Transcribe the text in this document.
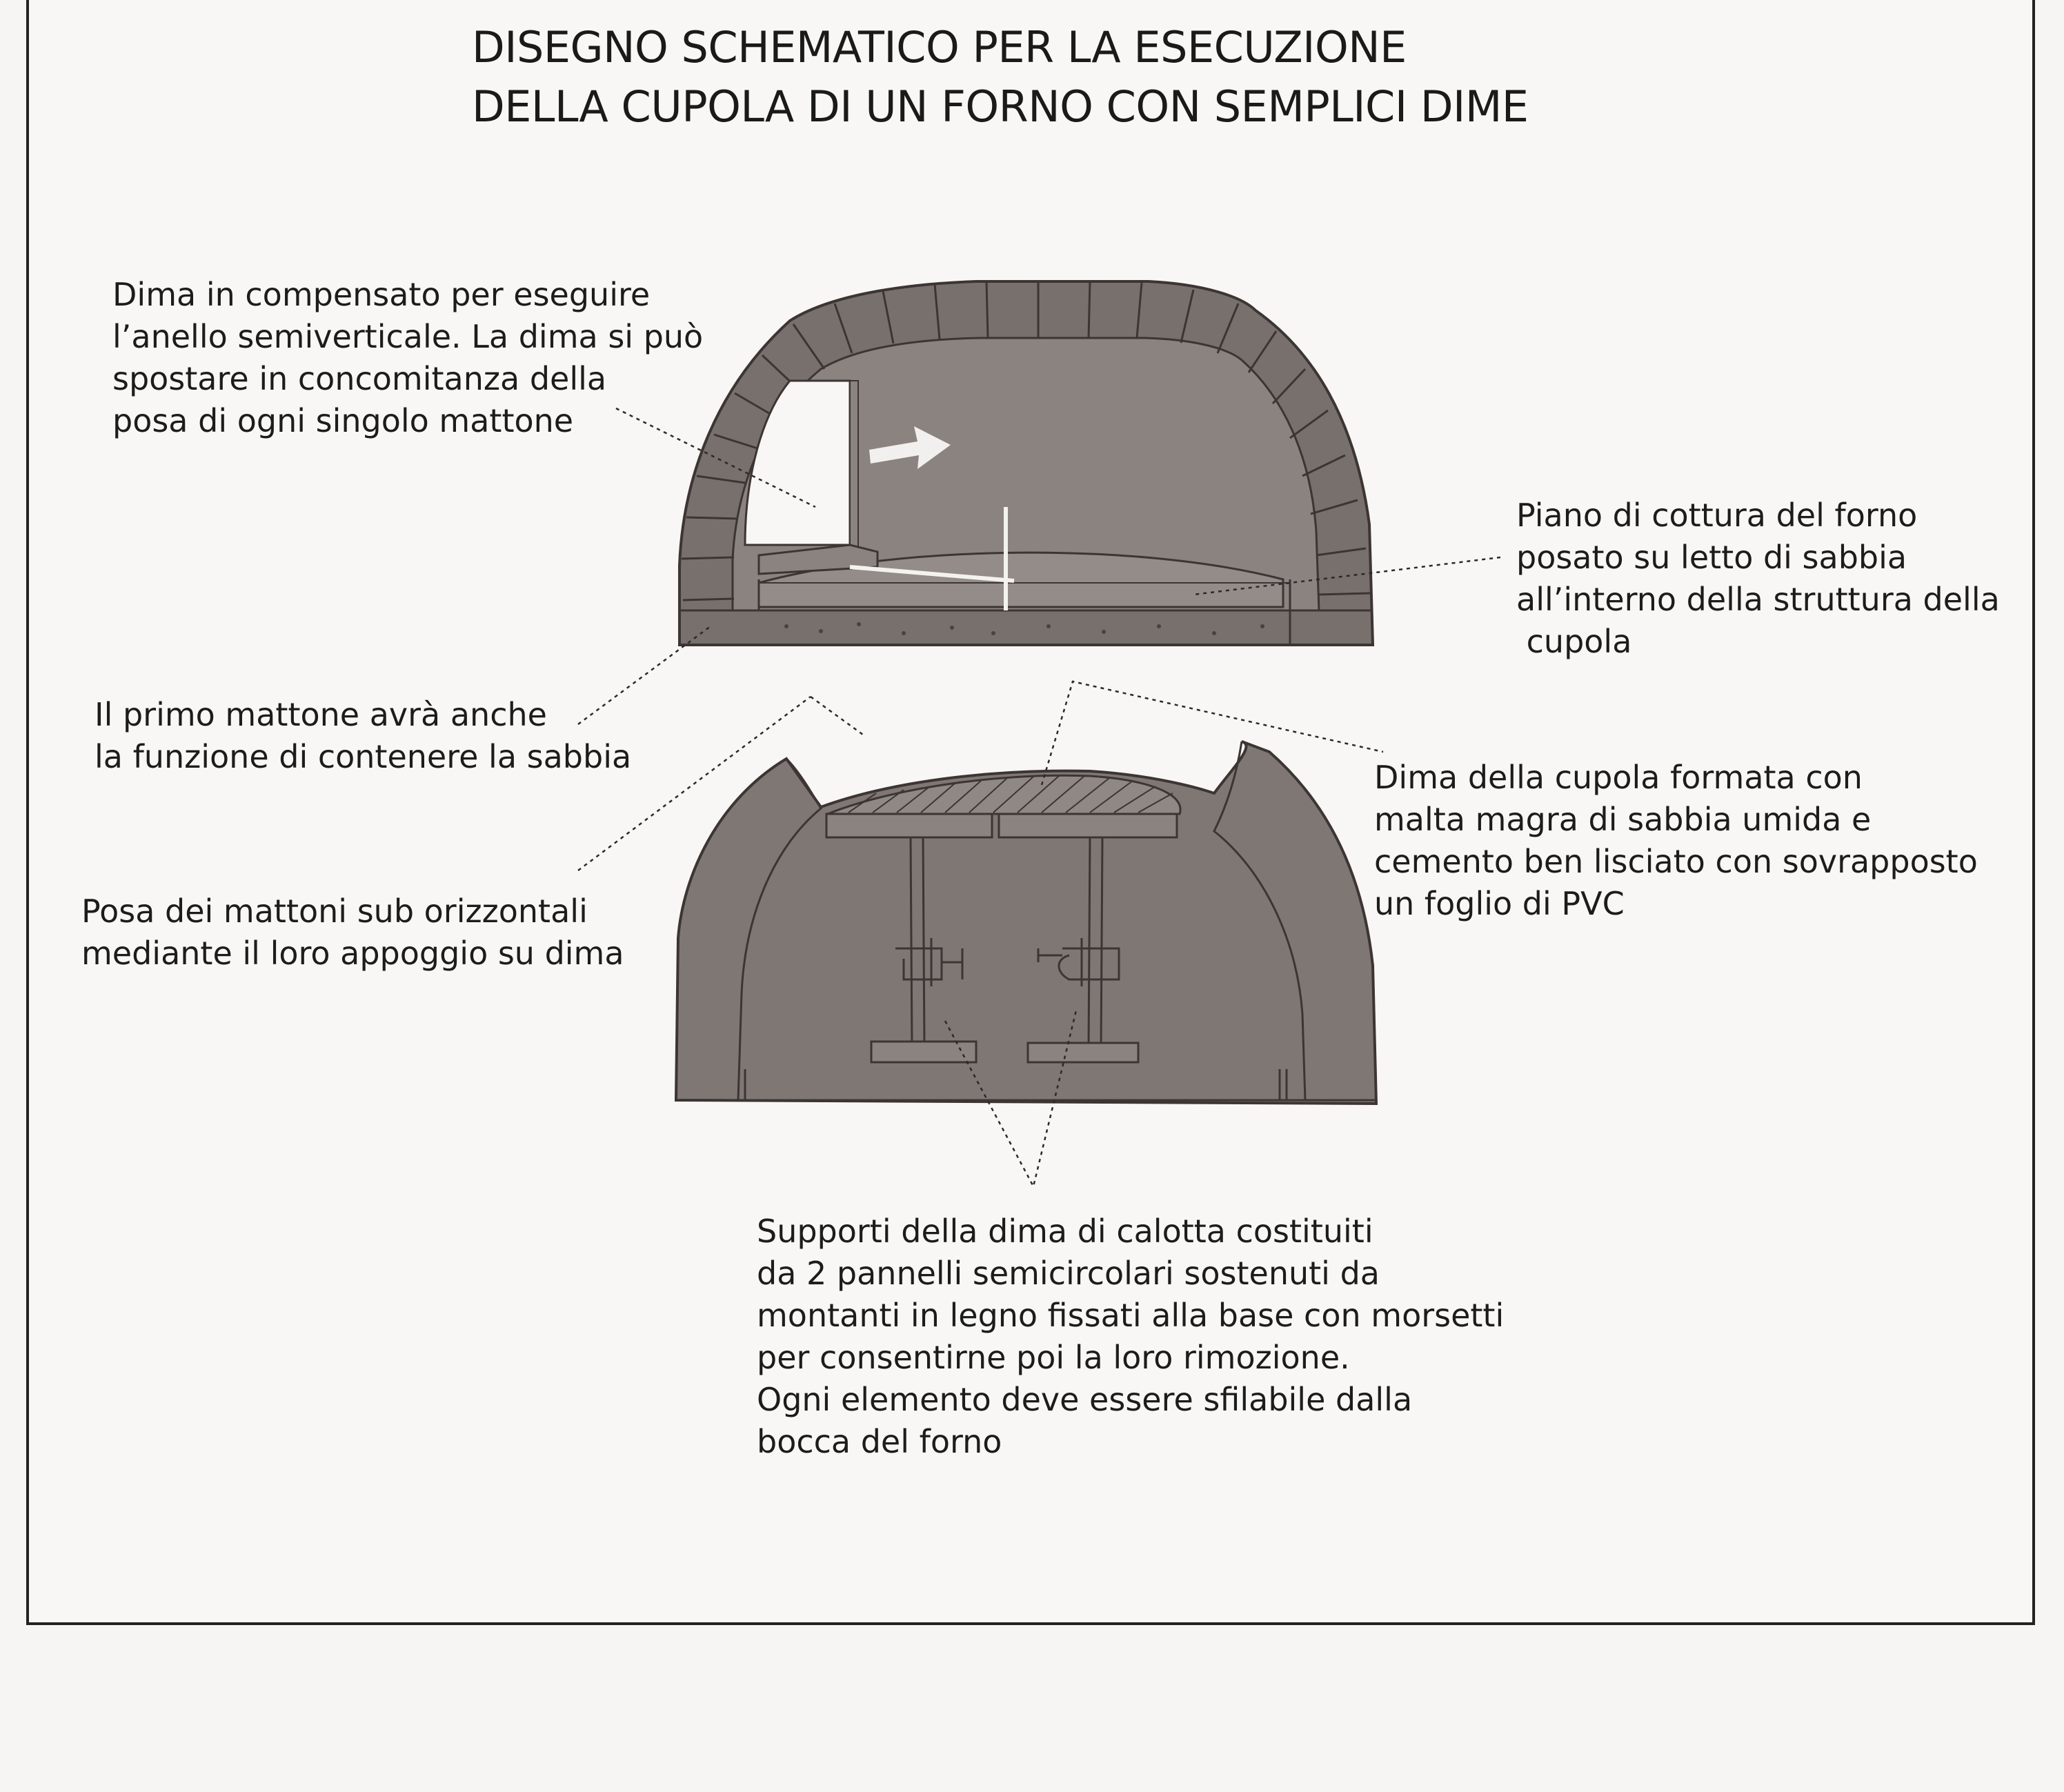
DISEGNO SCHEMATICO PER LA ESECUZIONE
DELLA CUPOLA DI UN FORNO CON SEMPLICI DIME
Dima in compensato per eseguire
l’anello semiverticale. La dima si può
spostare in concomitanza della
posa di ogni singolo mattone
Piano di cottura del forno
posato su letto di sabbia
all’interno della struttura della
cupola
Il primo mattone avrà anche
la funzione di contenere la sabbia
Dima della cupola formata con
malta magra di sabbia umida e
cemento ben lisciato con sovrapposto
un foglio di PVC
Posa dei mattoni sub orizzontali
mediante il loro appoggio su dima
Supporti della dima di calotta costituiti
da 2 pannelli semicircolari sostenuti da
montanti in legno fissati alla base con morsetti
per consentirne poi la loro rimozione.
Ogni elemento deve essere sfilabile dalla
bocca del forno
